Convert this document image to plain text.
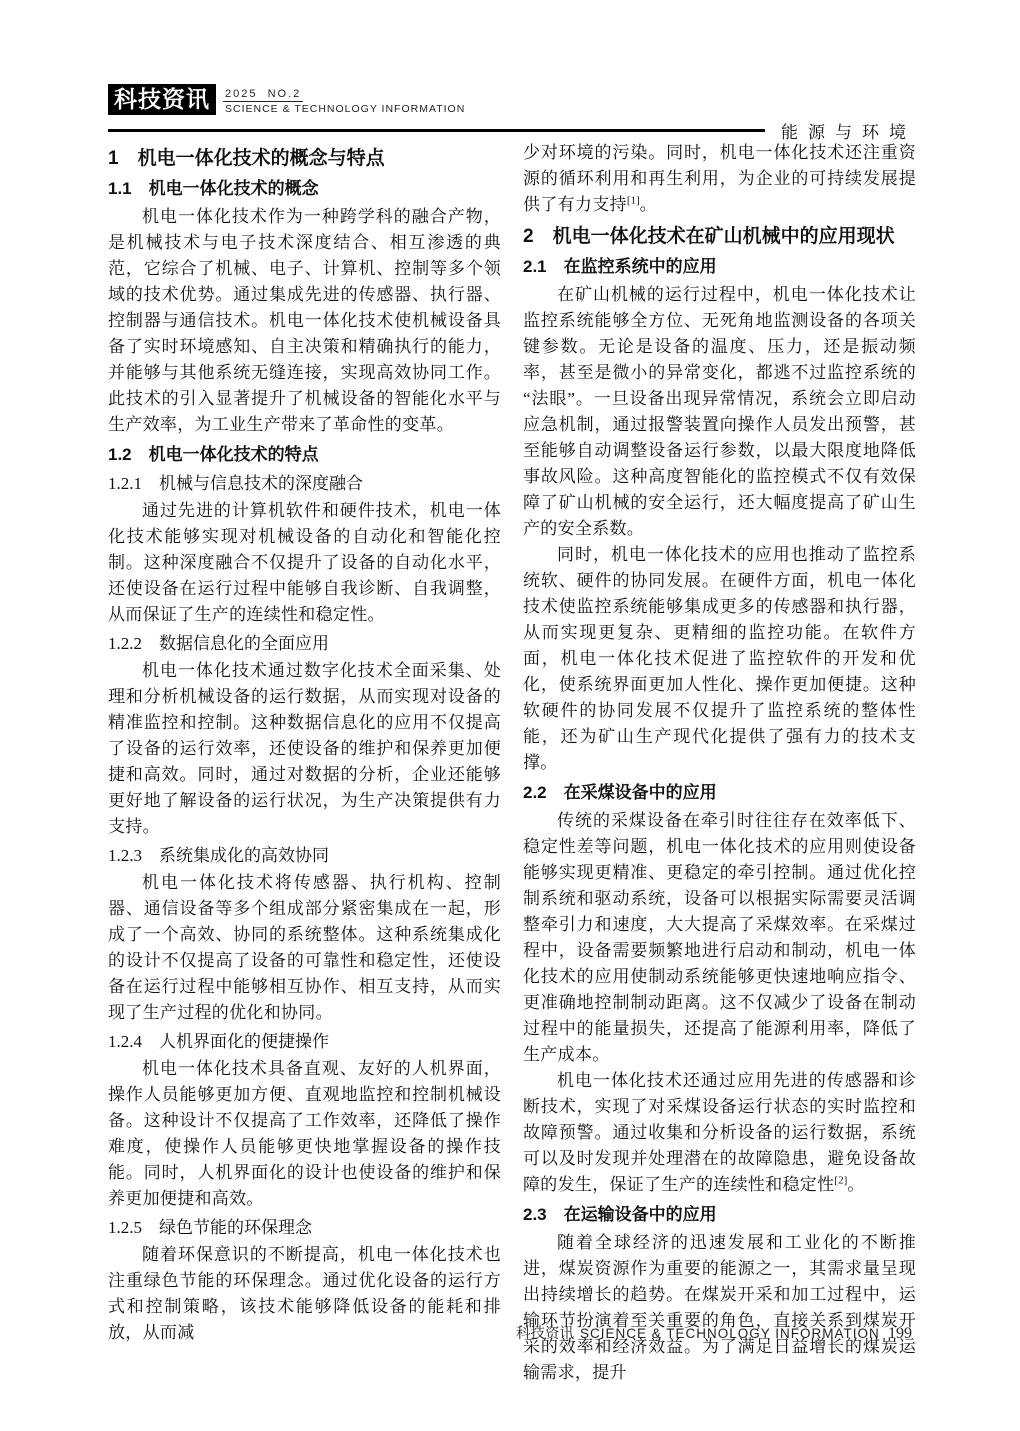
科技资讯	2025  NO.2
SCIENCE & TECHNOLOGY INFORMATION
能源与环境
1　机电一体化技术的概念与特点
1.1　机电一体化技术的概念

机电一体化技术作为一种跨学科的融合产物，是机械技术与电子技术深度结合、相互渗透的典范，它综合了机械、电子、计算机、控制等多个领域的技术优势。通过集成先进的传感器、执行器、控制器与通信技术。机电一体化技术使机械设备具备了实时环境感知、自主决策和精确执行的能力，并能够与其他系统无缝连接，实现高效协同工作。此技术的引入显著提升了机械设备的智能化水平与生产效率，为工业生产带来了革命性的变革。

1.2　机电一体化技术的特点
1.2.1　机械与信息技术的深度融合

通过先进的计算机软件和硬件技术，机电一体化技术能够实现对机械设备的自动化和智能化控制。这种深度融合不仅提升了设备的自动化水平，还使设备在运行过程中能够自我诊断、自我调整，从而保证了生产的连续性和稳定性。

1.2.2　数据信息化的全面应用

机电一体化技术通过数字化技术全面采集、处理和分析机械设备的运行数据，从而实现对设备的精准监控和控制。这种数据信息化的应用不仅提高了设备的运行效率，还使设备的维护和保养更加便捷和高效。同时，通过对数据的分析，企业还能够更好地了解设备的运行状况，为生产决策提供有力支持。

1.2.3　系统集成化的高效协同

机电一体化技术将传感器、执行机构、控制器、通信设备等多个组成部分紧密集成在一起，形成了一个高效、协同的系统整体。这种系统集成化的设计不仅提高了设备的可靠性和稳定性，还使设备在运行过程中能够相互协作、相互支持，从而实现了生产过程的优化和协同。

1.2.4　人机界面化的便捷操作

机电一体化技术具备直观、友好的人机界面，操作人员能够更加方便、直观地监控和控制机械设备。这种设计不仅提高了工作效率，还降低了操作难度，使操作人员能够更快地掌握设备的操作技能。同时，人机界面化的设计也使设备的维护和保养更加便捷和高效。

1.2.5　绿色节能的环保理念

随着环保意识的不断提高，机电一体化技术也注重绿色节能的环保理念。通过优化设备的运行方式和控制策略，该技术能够降低设备的能耗和排放，从而减

少对环境的污染。同时，机电一体化技术还注重资源的循环利用和再生利用，为企业的可持续发展提供了有力支持[1]。

2　机电一体化技术在矿山机械中的应用现状
2.1　在监控系统中的应用

在矿山机械的运行过程中，机电一体化技术让监控系统能够全方位、无死角地监测设备的各项关键参数。无论是设备的温度、压力，还是振动频率，甚至是微小的异常变化，都逃不过监控系统的“法眼”。一旦设备出现异常情况，系统会立即启动应急机制，通过报警装置向操作人员发出预警，甚至能够自动调整设备运行参数，以最大限度地降低事故风险。这种高度智能化的监控模式不仅有效保障了矿山机械的安全运行，还大幅度提高了矿山生产的安全系数。

同时，机电一体化技术的应用也推动了监控系统软、硬件的协同发展。在硬件方面，机电一体化技术使监控系统能够集成更多的传感器和执行器，从而实现更复杂、更精细的监控功能。在软件方面，机电一体化技术促进了监控软件的开发和优化，使系统界面更加人性化、操作更加便捷。这种软硬件的协同发展不仅提升了监控系统的整体性能，还为矿山生产现代化提供了强有力的技术支撑。

2.2　在采煤设备中的应用

传统的采煤设备在牵引时往往存在效率低下、稳定性差等问题，机电一体化技术的应用则使设备能够实现更精准、更稳定的牵引控制。通过优化控制系统和驱动系统，设备可以根据实际需要灵活调整牵引力和速度，大大提高了采煤效率。在采煤过程中，设备需要频繁地进行启动和制动，机电一体化技术的应用使制动系统能够更快速地响应指令、更准确地控制制动距离。这不仅减少了设备在制动过程中的能量损失，还提高了能源利用率，降低了生产成本。

机电一体化技术还通过应用先进的传感器和诊断技术，实现了对采煤设备运行状态的实时监控和故障预警。通过收集和分析设备的运行数据，系统可以及时发现并处理潜在的故障隐患，避免设备故障的发生，保证了生产的连续性和稳定性[2]。

2.3　在运输设备中的应用

随着全球经济的迅速发展和工业化的不断推进，煤炭资源作为重要的能源之一，其需求量呈现出持续增长的趋势。在煤炭开采和加工过程中，运输环节扮演着至关重要的角色，直接关系到煤炭开采的效率和经济效益。为了满足日益增长的煤炭运输需求，提升

科技资讯 SCIENCE & TECHNOLOGY INFORMATION 199
